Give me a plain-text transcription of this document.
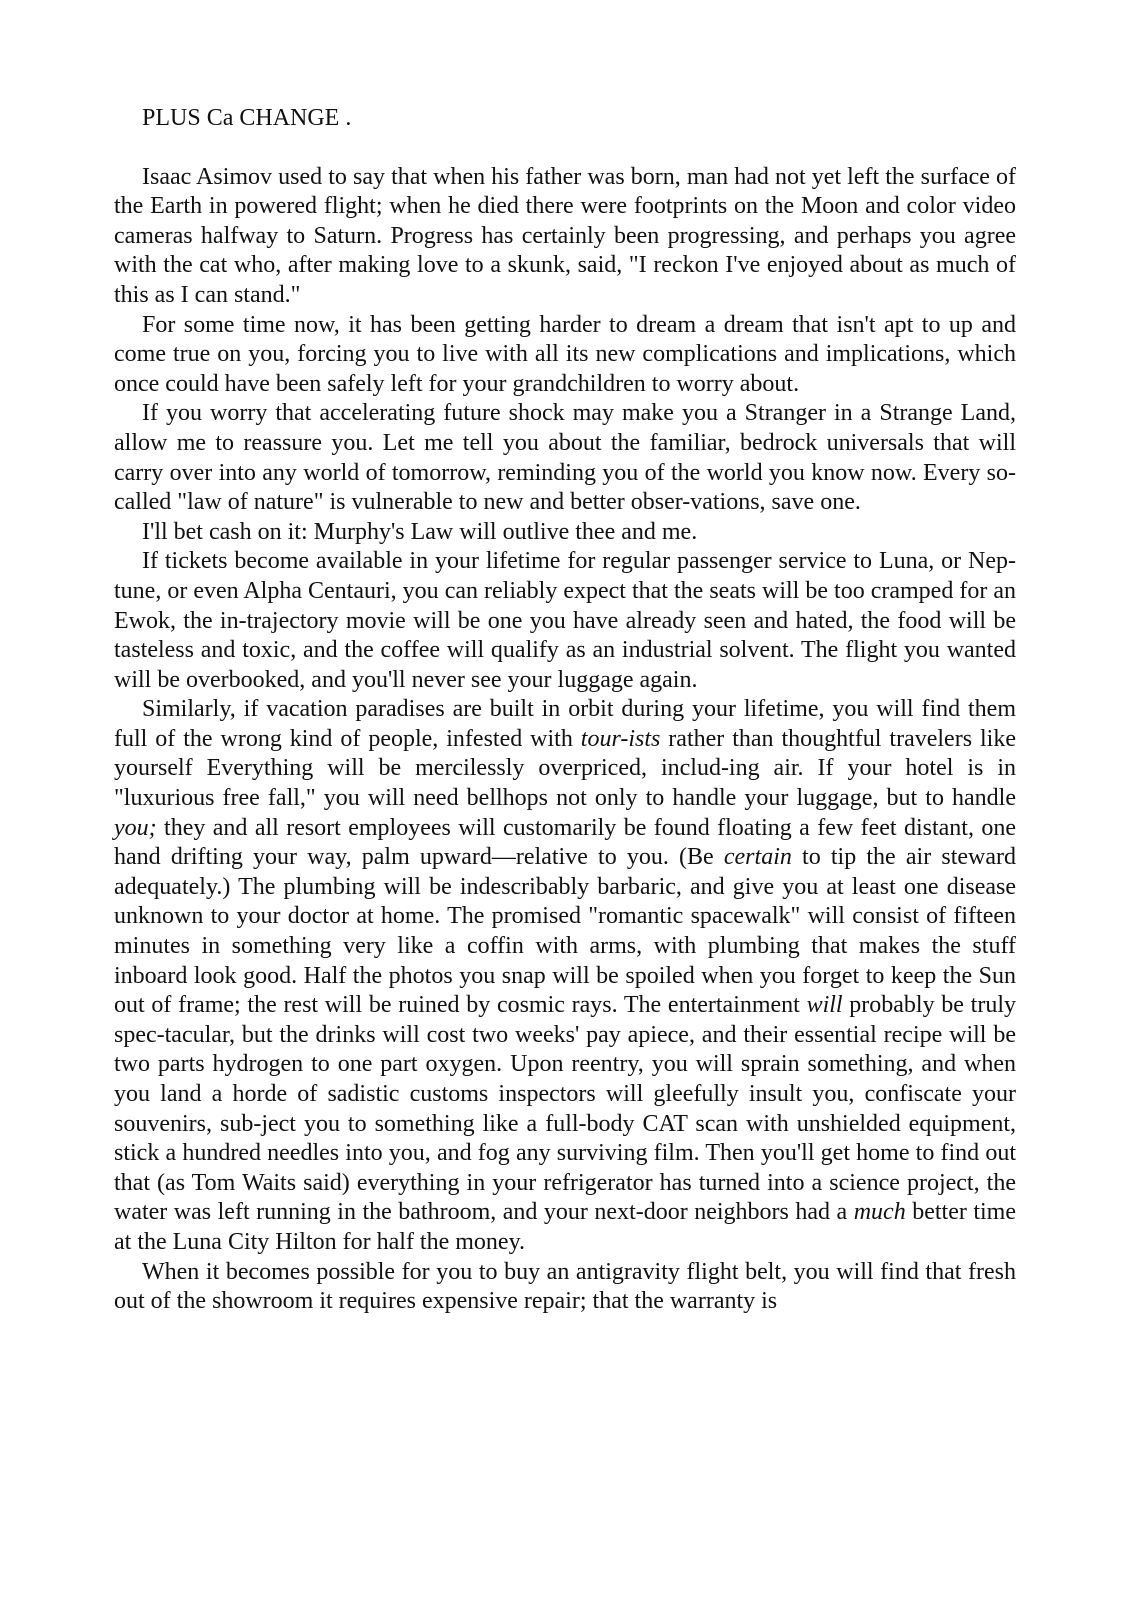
PLUS Ca CHANGE .

Isaac Asimov used to say that when his father was born, man had not yet left the surface of the Earth in powered flight; when he died there were footprints on the Moon and color video cameras halfway to Saturn. Progress has certainly been progressing, and perhaps you agree with the cat who, after making love to a skunk, said, "I reckon I've enjoyed about as much of this as I can stand."

For some time now, it has been getting harder to dream a dream that isn't apt to up and come true on you, forcing you to live with all its new complications and implications, which once could have been safely left for your grandchildren to worry about.

If you worry that accelerating future shock may make you a Stranger in a Strange Land, allow me to reassure you. Let me tell you about the familiar, bedrock universals that will carry over into any world of tomorrow, reminding you of the world you know now. Every so-called "law of nature" is vulnerable to new and better obser-vations, save one.

I'll bet cash on it: Murphy's Law will outlive thee and me.

If tickets become available in your lifetime for regular passenger service to Luna, or Nep-tune, or even Alpha Centauri, you can reliably expect that the seats will be too cramped for an Ewok, the in-trajectory movie will be one you have already seen and hated, the food will be tasteless and toxic, and the coffee will qualify as an industrial solvent. The flight you wanted will be overbooked, and you'll never see your luggage again.

Similarly, if vacation paradises are built in orbit during your lifetime, you will find them full of the wrong kind of people, infested with tour-ists rather than thoughtful travelers like yourself Everything will be mercilessly overpriced, includ-ing air. If your hotel is in "luxurious free fall," you will need bellhops not only to handle your luggage, but to handle you; they and all resort employees will customarily be found floating a few feet distant, one hand drifting your way, palm upward—relative to you. (Be certain to tip the air steward adequately.) The plumbing will be indescribably barbaric, and give you at least one disease unknown to your doctor at home. The promised "romantic spacewalk" will consist of fifteen minutes in something very like a coffin with arms, with plumbing that makes the stuff inboard look good. Half the photos you snap will be spoiled when you forget to keep the Sun out of frame; the rest will be ruined by cosmic rays. The entertainment will probably be truly spec-tacular, but the drinks will cost two weeks' pay apiece, and their essential recipe will be two parts hydrogen to one part oxygen. Upon reentry, you will sprain something, and when you land a horde of sadistic customs inspectors will gleefully insult you, confiscate your souvenirs, sub-ject you to something like a full-body CAT scan with unshielded equipment, stick a hundred needles into you, and fog any surviving film. Then you'll get home to find out that (as Tom Waits said) everything in your refrigerator has turned into a science project, the water was left running in the bathroom, and your next-door neighbors had a much better time at the Luna City Hilton for half the money.

When it becomes possible for you to buy an antigravity flight belt, you will find that fresh out of the showroom it requires expensive repair; that the warranty is
